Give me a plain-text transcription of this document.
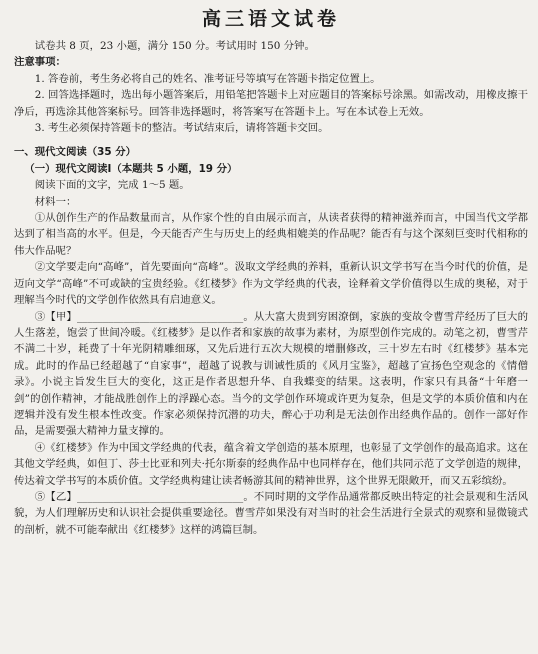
高三语文试卷
试卷共 8 页，23 小题，满分 150 分。考试用时 150 分钟。
注意事项：
1. 答卷前，考生务必将自己的姓名、准考证号等填写在答题卡指定位置上。
2. 回答选择题时，选出每小题答案后，用铅笔把答题卡上对应题目的答案标号涂黑。如需改动，用橡皮擦干净后，再选涂其他答案标号。回答非选择题时，将答案写在答题卡上。写在本试卷上无效。
3. 考生必须保持答题卡的整洁。考试结束后，请将答题卡交回。
一、现代文阅读（35 分）
（一）现代文阅读Ⅰ（本题共 5 小题，19 分）
阅读下面的文字，完成 1～5 题。
材料一：
①从创作生产的作品数量而言，从作家个性的自由展示而言，从读者获得的精神滋养而言，中国当代文学都达到了相当高的水平。但是，今天能否产生与历史上的经典相媲美的作品呢？能否有与这个深刻巨变时代相称的伟大作品呢？
②文学要走向“高峰”，首先要面向“高峰”。汲取文学经典的养料，重新认识文学书写在当今时代的价值，是迈向文学“高峰”不可或缺的宝贵经验。《红楼梦》作为文学经典的代表，诠释着文学价值得以生成的奥秘，对于理解当今时代的文学创作依然具有启迪意义。
③【甲】________________________________。从大富大贵到穷困潦倒，家族的变故令曹雪芹经历了巨大的人生落差，饱尝了世间冷暖。《红楼梦》是以作者和家族的故事为素材，为原型创作完成的。动笔之初，曹雪芹不满二十岁，耗费了十年光阴精雕细琢，又先后进行五次大规模的增删修改，三十岁左右时《红楼梦》基本完成。此时的作品已经超越了“自家事”，超越了说教与训诫性质的《风月宝鉴》，超越了宣扬色空观念的《情僧录》。小说主旨发生巨大的变化，这正是作者思想升华、自我蝶变的结果。这表明，作家只有具备“十年磨一剑”的创作精神，才能战胜创作上的浮躁心态。当今的文学创作环境或许更为复杂，但是文学的本质价值和内在逻辑并没有发生根本性改变。作家必须保持沉潜的功夫，醉心于功利是无法创作出经典作品的。创作一部好作品，是需要强大精神力量支撑的。
④《红楼梦》作为中国文学经典的代表，蕴含着文学创造的基本原理，也彰显了文学创作的最高追求。这在其他文学经典，如但丁、莎士比亚和列夫·托尔斯泰的经典作品中也同样存在，他们共同示范了文学创造的规律，传达着文学书写的本质价值。文学经典构建让读者畅游其间的精神世界，这个世界无限敞开，而又五彩缤纷。
⑤【乙】________________________________。不同时期的文学作品通常都反映出特定的社会景观和生活风貌，为人们理解历史和认识社会提供重要途径。曹雪芹如果没有对当时的社会生活进行全景式的观察和显微镜式的剖析，就不可能奉献出《红楼梦》这样的鸿篇巨制。
